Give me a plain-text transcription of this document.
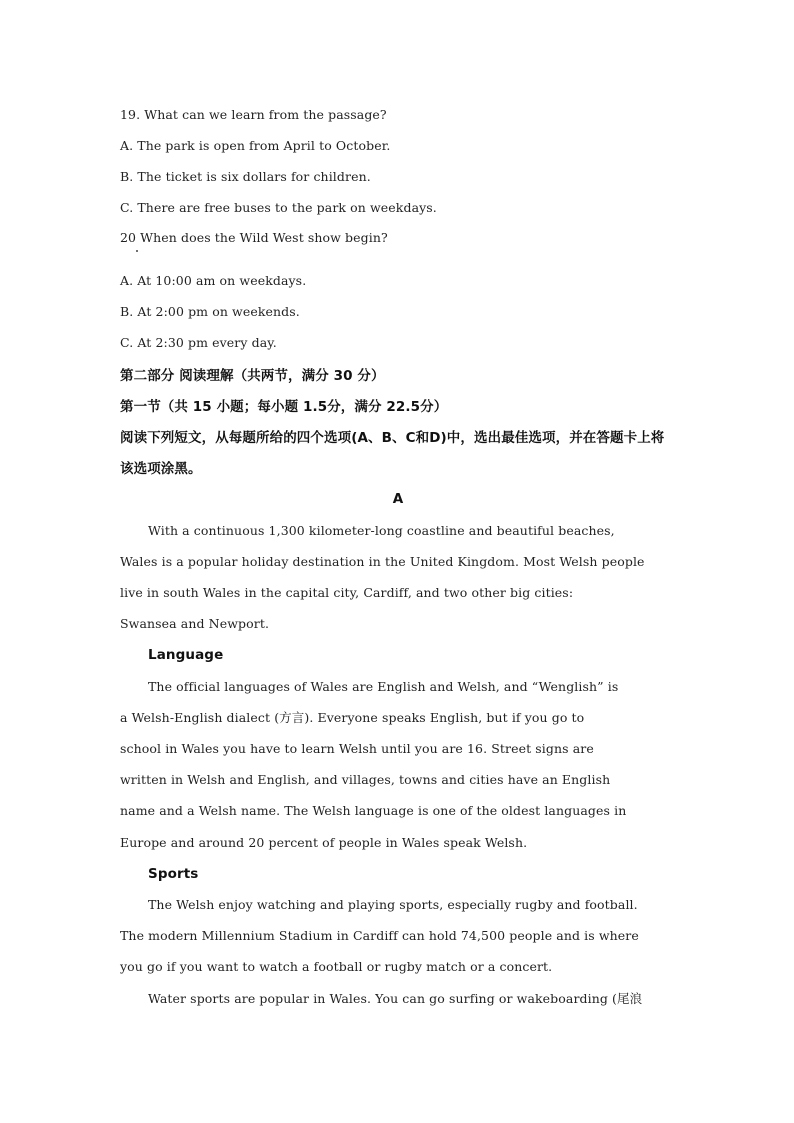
19. What can we learn from the passage?
A. The park is open from April to October.
B. The ticket is six dollars for children.
C. There are free buses to the park on weekdays.
20 When does the Wild West show begin?
A. At 10:00 am on weekdays.
B. At 2:00 pm on weekends.
C. At 2:30 pm every day.
第二部分 阅读理解（共两节，满分 30 分）
第一节（共 15 小题；每小题 1.5分，满分 22.5分）
阅读下列短文，从每题所给的四个选项(A、B、C和D)中，选出最佳选项，并在答题卡上将
该选项涂黑。
A
With a continuous 1,300 kilometer-long coastline and beautiful beaches,
Wales is a popular holiday destination in the United Kingdom. Most Welsh people
live in south Wales in the capital city, Cardiff, and two other big cities:
Swansea and Newport.
Language
The official languages of Wales are English and Welsh, and “Wenglish” is
a Welsh-English dialect (方言). Everyone speaks English, but if you go to
school in Wales you have to learn Welsh until you are 16. Street signs are
written in Welsh and English, and villages, towns and cities have an English
name and a Welsh name. The Welsh language is one of the oldest languages in
Europe and around 20 percent of people in Wales speak Welsh.
Sports
The Welsh enjoy watching and playing sports, especially rugby and football.
The modern Millennium Stadium in Cardiff can hold 74,500 people and is where
you go if you want to watch a football or rugby match or a concert.
Water sports are popular in Wales. You can go surfing or wakeboarding (尾浪
